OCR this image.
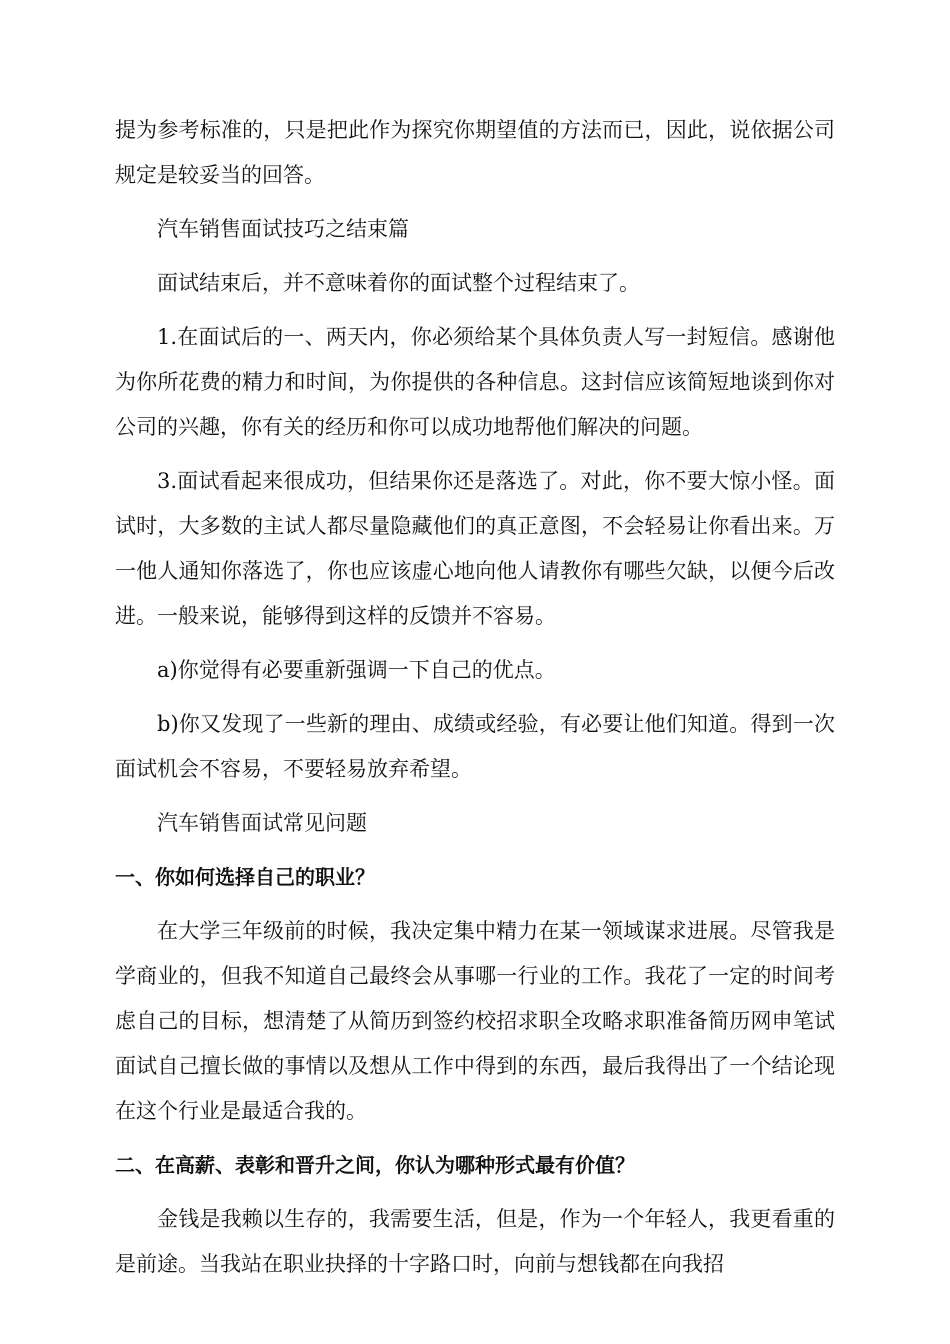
提为参考标准的，只是把此作为探究你期望值的方法而已，因此，说依据公司规定是较妥当的回答。

汽车销售面试技巧之结束篇

面试结束后，并不意味着你的面试整个过程结束了。

1.在面试后的一、两天内，你必须给某个具体负责人写一封短信。感谢他为你所花费的精力和时间，为你提供的各种信息。这封信应该简短地谈到你对公司的兴趣，你有关的经历和你可以成功地帮他们解决的问题。

3.面试看起来很成功，但结果你还是落选了。对此，你不要大惊小怪。面试时，大多数的主试人都尽量隐藏他们的真正意图，不会轻易让你看出来。万一他人通知你落选了，你也应该虚心地向他人请教你有哪些欠缺，以便今后改进。一般来说，能够得到这样的反馈并不容易。

a)你觉得有必要重新强调一下自己的优点。

b)你又发现了一些新的理由、成绩或经验，有必要让他们知道。得到一次面试机会不容易，不要轻易放弃希望。

汽车销售面试常见问题

一、你如何选择自己的职业？

在大学三年级前的时候，我决定集中精力在某一领域谋求进展。尽管我是学商业的，但我不知道自己最终会从事哪一行业的工作。我花了一定的时间考虑自己的目标，想清楚了从简历到签约校招求职全攻略求职准备简历网申笔试面试自己擅长做的事情以及想从工作中得到的东西，最后我得出了一个结论现在这个行业是最适合我的。

二、在高薪、表彰和晋升之间，你认为哪种形式最有价值？

金钱是我赖以生存的，我需要生活，但是，作为一个年轻人，我更看重的是前途。当我站在职业抉择的十字路口时，向前与想钱都在向我招
